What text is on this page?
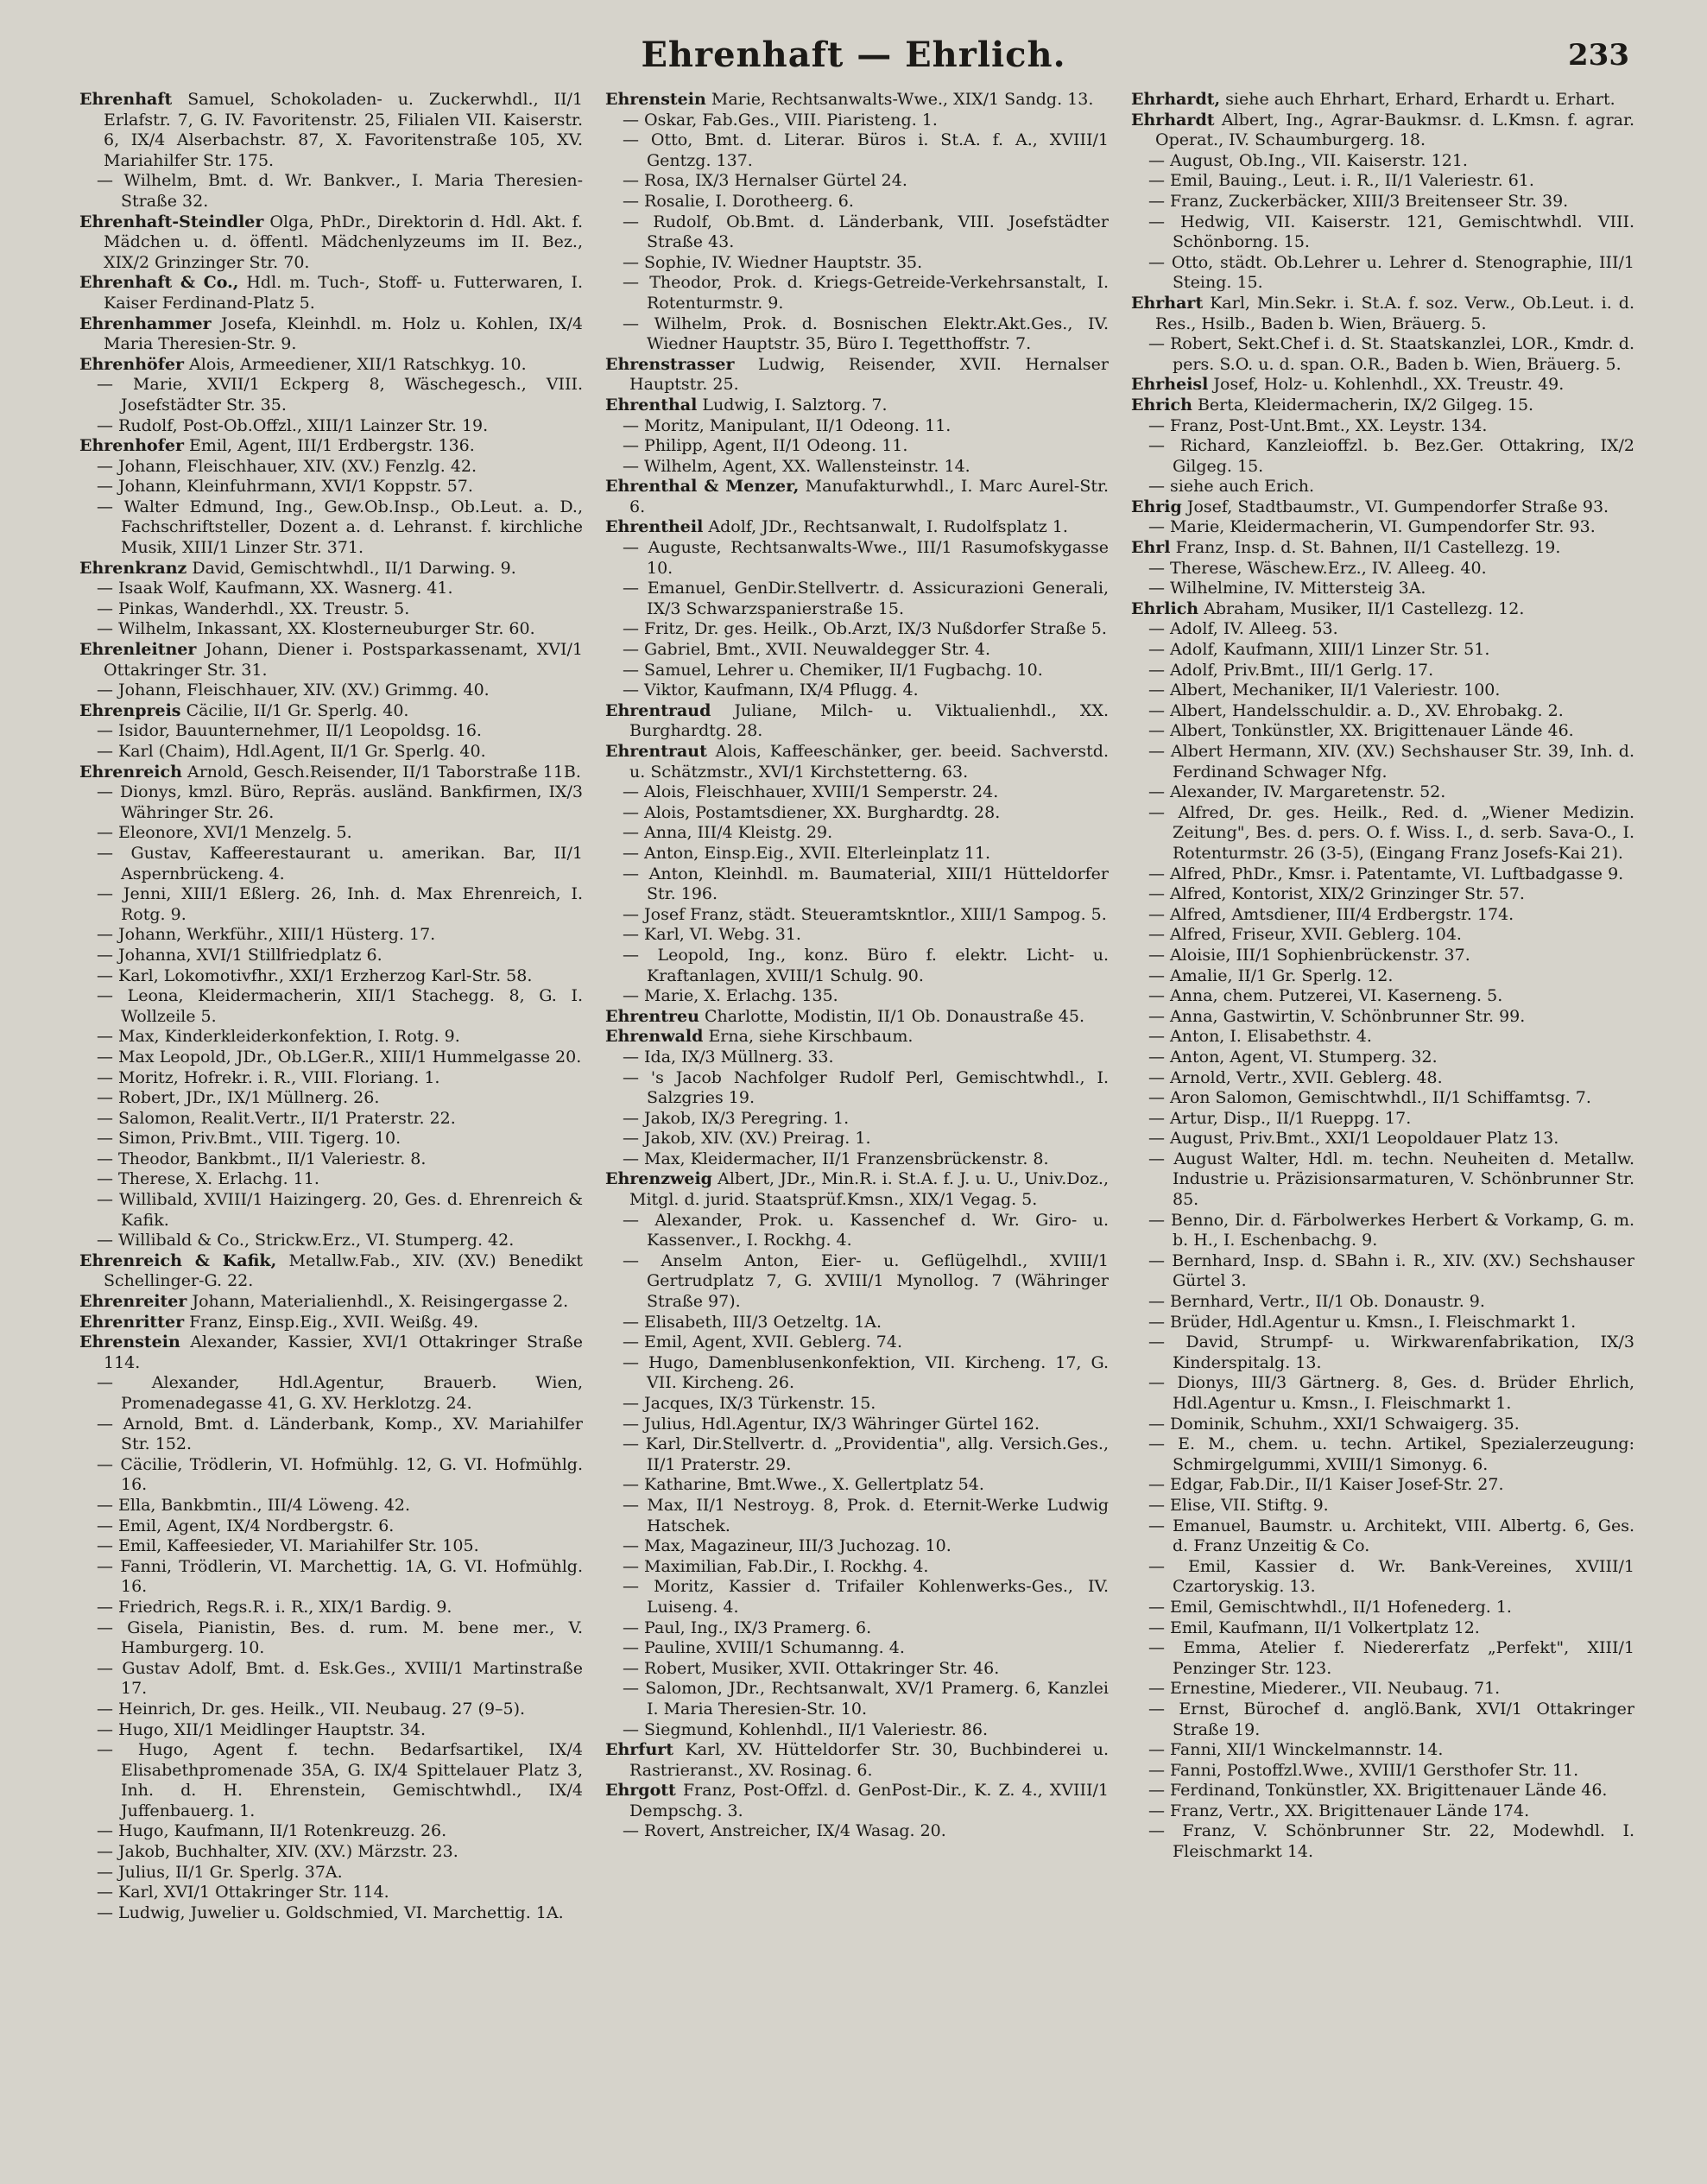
Ehrenhaft — Ehrlich.	233

Ehrenhaft Samuel, Schokoladen- u. Zuckerwhdl., II/1 Erlafstr. 7, G. IV. Favoritenstr. 25, Filialen VII. Kaiserstr. 6, IX/4 Alserbachstr. 87, X. Favoritenstraße 105, XV. Mariahilfer Str. 175.

— Wilhelm, Bmt. d. Wr. Bankver., I. Maria Theresien-Straße 32.

Ehrenhaft-Steindler Olga, PhDr., Direktorin d. Hdl. Akt. f. Mädchen u. d. öffentl. Mädchenlyzeums im II. Bez., XIX/2 Grinzinger Str. 70.

Ehrenhaft & Co., Hdl. m. Tuch-, Stoff- u. Futterwaren, I. Kaiser Ferdinand-Platz 5.

Ehrenhammer Josefa, Kleinhdl. m. Holz u. Kohlen, IX/4 Maria Theresien-Str. 9.

Ehrenhöfer Alois, Armeediener, XII/1 Ratschkyg. 10.

— Marie, XVII/1 Eckperg 8, Wäschegesch., VIII. Josefstädter Str. 35.

— Rudolf, Post-Ob.Offzl., XIII/1 Lainzer Str. 19.

Ehrenhofer Emil, Agent, III/1 Erdbergstr. 136.

— Johann, Fleischhauer, XIV. (XV.) Fenzlg. 42.

— Johann, Kleinfuhrmann, XVI/1 Koppstr. 57.

— Walter Edmund, Ing., Gew.Ob.Insp., Ob.Leut. a. D., Fachschriftsteller, Dozent a. d. Lehranst. f. kirchliche Musik, XIII/1 Linzer Str. 371.

Ehrenkranz David, Gemischtwhdl., II/1 Darwing. 9.

— Isaak Wolf, Kaufmann, XX. Wasnerg. 41.

— Pinkas, Wanderhdl., XX. Treustr. 5.

— Wilhelm, Inkassant, XX. Klosterneuburger Str. 60.

Ehrenleitner Johann, Diener i. Postsparkassenamt, XVI/1 Ottakringer Str. 31.

— Johann, Fleischhauer, XIV. (XV.) Grimmg. 40.

Ehrenpreis Cäcilie, II/1 Gr. Sperlg. 40.

— Isidor, Bauunternehmer, II/1 Leopoldsg. 16.

— Karl (Chaim), Hdl.Agent, II/1 Gr. Sperlg. 40.

Ehrenreich Arnold, Gesch.Reisender, II/1 Taborstraße 11B.

— Dionys, kmzl. Büro, Repräs. ausländ. Bankfirmen, IX/3 Währinger Str. 26.

— Eleonore, XVI/1 Menzelg. 5.

— Gustav, Kaffeerestaurant u. amerikan. Bar, II/1 Aspernbrückeng. 4.

— Jenni, XIII/1 Eßlerg. 26, Inh. d. Max Ehrenreich, I. Rotg. 9.

— Johann, Werkführ., XIII/1 Hüsterg. 17.

— Johanna, XVI/1 Stillfriedplatz 6.

— Karl, Lokomotivfhr., XXI/1 Erzherzog Karl-Str. 58.

— Leona, Kleidermacherin, XII/1 Stachegg. 8, G. I. Wollzeile 5.

— Max, Kinderkleiderkonfektion, I. Rotg. 9.

— Max Leopold, JDr., Ob.LGer.R., XIII/1 Hummelgasse 20.

— Moritz, Hofrekr. i. R., VIII. Floriang. 1.

— Robert, JDr., IX/1 Müllnerg. 26.

— Salomon, Realit.Vertr., II/1 Praterstr. 22.

— Simon, Priv.Bmt., VIII. Tigerg. 10.

— Theodor, Bankbmt., II/1 Valeriestr. 8.

— Therese, X. Erlachg. 11.

— Willibald, XVIII/1 Haizingerg. 20, Ges. d. Ehrenreich & Kafik.

— Willibald & Co., Strickw.Erz., VI. Stumperg. 42.

Ehrenreich & Kafik, Metallw.Fab., XIV. (XV.) Benedikt Schellinger-G. 22.

Ehrenreiter Johann, Materialienhdl., X. Reisingergasse 2.

Ehrenritter Franz, Einsp.Eig., XVII. Weißg. 49.

Ehrenstein Alexander, Kassier, XVI/1 Ottakringer Straße 114.

— Alexander, Hdl.Agentur, Brauerb. Wien, Promenadegasse 41, G. XV. Herklotzg. 24.

— Arnold, Bmt. d. Länderbank, Komp., XV. Mariahilfer Str. 152.

— Cäcilie, Trödlerin, VI. Hofmühlg. 12, G. VI. Hofmühlg. 16.

— Ella, Bankbmtin., III/4 Löweng. 42.

— Emil, Agent, IX/4 Nordbergstr. 6.

— Emil, Kaffeesieder, VI. Mariahilfer Str. 105.

— Fanni, Trödlerin, VI. Marchettig. 1A, G. VI. Hofmühlg. 16.

— Friedrich, Regs.R. i. R., XIX/1 Bardig. 9.

— Gisela, Pianistin, Bes. d. rum. M. bene mer., V. Hamburgerg. 10.

— Gustav Adolf, Bmt. d. Esk.Ges., XVIII/1 Martinstraße 17.

— Heinrich, Dr. ges. Heilk., VII. Neubaug. 27 (9–5).

— Hugo, XII/1 Meidlinger Hauptstr. 34.

— Hugo, Agent f. techn. Bedarfsartikel, IX/4 Elisabethpromenade 35A, G. IX/4 Spittelauer Platz 3, Inh. d. H. Ehrenstein, Gemischtwhdl., IX/4 Juffenbauerg. 1.

— Hugo, Kaufmann, II/1 Rotenkreuzg. 26.

— Jakob, Buchhalter, XIV. (XV.) Märzstr. 23.

— Julius, II/1 Gr. Sperlg. 37A.

— Karl, XVI/1 Ottakringer Str. 114.

— Ludwig, Juwelier u. Goldschmied, VI. Marchettig. 1A.

Ehrenstein Marie, Rechtsanwalts-Wwe., XIX/1 Sandg. 13.

— Oskar, Fab.Ges., VIII. Piaristeng. 1.

— Otto, Bmt. d. Literar. Büros i. St.A. f. A., XVIII/1 Gentzg. 137.

— Rosa, IX/3 Hernalser Gürtel 24.

— Rosalie, I. Dorotheerg. 6.

— Rudolf, Ob.Bmt. d. Länderbank, VIII. Josefstädter Straße 43.

— Sophie, IV. Wiedner Hauptstr. 35.

— Theodor, Prok. d. Kriegs-Getreide-Verkehrsanstalt, I. Rotenturmstr. 9.

— Wilhelm, Prok. d. Bosnischen Elektr.Akt.Ges., IV. Wiedner Hauptstr. 35, Büro I. Tegetthoffstr. 7.

Ehrenstrasser Ludwig, Reisender, XVII. Hernalser Hauptstr. 25.

Ehrenthal Ludwig, I. Salztorg. 7.

— Moritz, Manipulant, II/1 Odeong. 11.

— Philipp, Agent, II/1 Odeong. 11.

— Wilhelm, Agent, XX. Wallensteinstr. 14.

Ehrenthal & Menzer, Manufakturwhdl., I. Marc Aurel-Str. 6.

Ehrentheil Adolf, JDr., Rechtsanwalt, I. Rudolfsplatz 1.

— Auguste, Rechtsanwalts-Wwe., III/1 Rasumofskygasse 10.

— Emanuel, GenDir.Stellvertr. d. Assicurazioni Generali, IX/3 Schwarzspanierstraße 15.

— Fritz, Dr. ges. Heilk., Ob.Arzt, IX/3 Nußdorfer Straße 5.

— Gabriel, Bmt., XVII. Neuwaldegger Str. 4.

— Samuel, Lehrer u. Chemiker, II/1 Fugbachg. 10.

— Viktor, Kaufmann, IX/4 Pflugg. 4.

Ehrentraud Juliane, Milch- u. Viktualienhdl., XX. Burghardtg. 28.

Ehrentraut Alois, Kaffeeschänker, ger. beeid. Sachverstd. u. Schätzmstr., XVI/1 Kirchstetterng. 63.

— Alois, Fleischhauer, XVIII/1 Semperstr. 24.

— Alois, Postamtsdiener, XX. Burghardtg. 28.

— Anna, III/4 Kleistg. 29.

— Anton, Einsp.Eig., XVII. Elterleinplatz 11.

— Anton, Kleinhdl. m. Baumaterial, XIII/1 Hütteldorfer Str. 196.

— Josef Franz, städt. Steueramtskntlor., XIII/1 Sampog. 5.

— Karl, VI. Webg. 31.

— Leopold, Ing., konz. Büro f. elektr. Licht- u. Kraftanlagen, XVIII/1 Schulg. 90.

— Marie, X. Erlachg. 135.

Ehrentreu Charlotte, Modistin, II/1 Ob. Donaustraße 45.

Ehrenwald Erna, siehe Kirschbaum.

— Ida, IX/3 Müllnerg. 33.

— 's Jacob Nachfolger Rudolf Perl, Gemischtwhdl., I. Salzgries 19.

— Jakob, IX/3 Peregring. 1.

— Jakob, XIV. (XV.) Preirag. 1.

— Max, Kleidermacher, II/1 Franzensbrückenstr. 8.

Ehrenzweig Albert, JDr., Min.R. i. St.A. f. J. u. U., Univ.Doz., Mitgl. d. jurid. Staatsprüf.Kmsn., XIX/1 Vegag. 5.

— Alexander, Prok. u. Kassenchef d. Wr. Giro- u. Kassenver., I. Rockhg. 4.

— Anselm Anton, Eier- u. Geflügelhdl., XVIII/1 Gertrudplatz 7, G. XVIII/1 Mynollog. 7 (Währinger Straße 97).

— Elisabeth, III/3 Oetzeltg. 1A.

— Emil, Agent, XVII. Geblerg. 74.

— Hugo, Damenblusenkonfektion, VII. Kircheng. 17, G. VII. Kircheng. 26.

— Jacques, IX/3 Türkenstr. 15.

— Julius, Hdl.Agentur, IX/3 Währinger Gürtel 162.

— Karl, Dir.Stellvertr. d. „Providentia", allg. Versich.Ges., II/1 Praterstr. 29.

— Katharine, Bmt.Wwe., X. Gellertplatz 54.

— Max, II/1 Nestroyg. 8, Prok. d. Eternit-Werke Ludwig Hatschek.

— Max, Magazineur, III/3 Juchozag. 10.

— Maximilian, Fab.Dir., I. Rockhg. 4.

— Moritz, Kassier d. Trifailer Kohlenwerks-Ges., IV. Luiseng. 4.

— Paul, Ing., IX/3 Pramerg. 6.

— Pauline, XVIII/1 Schumanng. 4.

— Robert, Musiker, XVII. Ottakringer Str. 46.

— Salomon, JDr., Rechtsanwalt, XV/1 Pramerg. 6, Kanzlei I. Maria Theresien-Str. 10.

— Siegmund, Kohlenhdl., II/1 Valeriestr. 86.

Ehrfurt Karl, XV. Hütteldorfer Str. 30, Buchbinderei u. Rastrieranst., XV. Rosinag. 6.

Ehrgott Franz, Post-Offzl. d. GenPost-Dir., K. Z. 4., XVIII/1 Dempschg. 3.

— Rovert, Anstreicher, IX/4 Wasag. 20.

Ehrhardt, siehe auch Ehrhart, Erhard, Erhardt u. Erhart.

Ehrhardt Albert, Ing., Agrar-Baukmsr. d. L.Kmsn. f. agrar. Operat., IV. Schaumburgerg. 18.

— August, Ob.Ing., VII. Kaiserstr. 121.

— Emil, Bauing., Leut. i. R., II/1 Valeriestr. 61.

— Franz, Zuckerbäcker, XIII/3 Breitenseer Str. 39.

— Hedwig, VII. Kaiserstr. 121, Gemischtwhdl. VIII. Schönborng. 15.

— Otto, städt. Ob.Lehrer u. Lehrer d. Stenographie, III/1 Steing. 15.

Ehrhart Karl, Min.Sekr. i. St.A. f. soz. Verw., Ob.Leut. i. d. Res., Hsilb., Baden b. Wien, Bräuerg. 5.

— Robert, Sekt.Chef i. d. St. Staatskanzlei, LOR., Kmdr. d. pers. S.O. u. d. span. O.R., Baden b. Wien, Bräuerg. 5.

Ehrheisl Josef, Holz- u. Kohlenhdl., XX. Treustr. 49.

Ehrich Berta, Kleidermacherin, IX/2 Gilgeg. 15.

— Franz, Post-Unt.Bmt., XX. Leystr. 134.

— Richard, Kanzleioffzl. b. Bez.Ger. Ottakring, IX/2 Gilgeg. 15.

— siehe auch Erich.

Ehrig Josef, Stadtbaumstr., VI. Gumpendorfer Straße 93.

— Marie, Kleidermacherin, VI. Gumpendorfer Str. 93.

Ehrl Franz, Insp. d. St. Bahnen, II/1 Castellezg. 19.

— Therese, Wäschew.Erz., IV. Alleeg. 40.

— Wilhelmine, IV. Mittersteig 3A.

Ehrlich Abraham, Musiker, II/1 Castellezg. 12.

— Adolf, IV. Alleeg. 53.

— Adolf, Kaufmann, XIII/1 Linzer Str. 51.

— Adolf, Priv.Bmt., III/1 Gerlg. 17.

— Albert, Mechaniker, II/1 Valeriestr. 100.

— Albert, Handelsschuldir. a. D., XV. Ehrobakg. 2.

— Albert, Tonkünstler, XX. Brigittenauer Lände 46.

— Albert Hermann, XIV. (XV.) Sechshauser Str. 39, Inh. d. Ferdinand Schwager Nfg.

— Alexander, IV. Margaretenstr. 52.

— Alfred, Dr. ges. Heilk., Red. d. „Wiener Medizin. Zeitung", Bes. d. pers. O. f. Wiss. I., d. serb. Sava-O., I. Rotenturmstr. 26 (3-5), (Eingang Franz Josefs-Kai 21).

— Alfred, PhDr., Kmsr. i. Patentamte, VI. Luftbadgasse 9.

— Alfred, Kontorist, XIX/2 Grinzinger Str. 57.

— Alfred, Amtsdiener, III/4 Erdbergstr. 174.

— Alfred, Friseur, XVII. Geblerg. 104.

— Aloisie, III/1 Sophienbrückenstr. 37.

— Amalie, II/1 Gr. Sperlg. 12.

— Anna, chem. Putzerei, VI. Kaserneng. 5.

— Anna, Gastwirtin, V. Schönbrunner Str. 99.

— Anton, I. Elisabethstr. 4.

— Anton, Agent, VI. Stumperg. 32.

— Arnold, Vertr., XVII. Geblerg. 48.

— Aron Salomon, Gemischtwhdl., II/1 Schiffamtsg. 7.

— Artur, Disp., II/1 Rueppg. 17.

— August, Priv.Bmt., XXI/1 Leopoldauer Platz 13.

— August Walter, Hdl. m. techn. Neuheiten d. Metallw. Industrie u. Präzisionsarmaturen, V. Schönbrunner Str. 85.

— Benno, Dir. d. Färbolwerkes Herbert & Vorkamp, G. m. b. H., I. Eschenbachg. 9.

— Bernhard, Insp. d. SBahn i. R., XIV. (XV.) Sechshauser Gürtel 3.

— Bernhard, Vertr., II/1 Ob. Donaustr. 9.

— Brüder, Hdl.Agentur u. Kmsn., I. Fleischmarkt 1.

— David, Strumpf- u. Wirkwarenfabrikation, IX/3 Kinderspitalg. 13.

— Dionys, III/3 Gärtnerg. 8, Ges. d. Brüder Ehrlich, Hdl.Agentur u. Kmsn., I. Fleischmarkt 1.

— Dominik, Schuhm., XXI/1 Schwaigerg. 35.

— E. M., chem. u. techn. Artikel, Spezialerzeugung: Schmirgelgummi, XVIII/1 Simonyg. 6.

— Edgar, Fab.Dir., II/1 Kaiser Josef-Str. 27.

— Elise, VII. Stiftg. 9.

— Emanuel, Baumstr. u. Architekt, VIII. Albertg. 6, Ges. d. Franz Unzeitig & Co.

— Emil, Kassier d. Wr. Bank-Vereines, XVIII/1 Czartoryskig. 13.

— Emil, Gemischtwhdl., II/1 Hofenederg. 1.

— Emil, Kaufmann, II/1 Volkertplatz 12.

— Emma, Atelier f. Niedererfatz „Perfekt", XIII/1 Penzinger Str. 123.

— Ernestine, Miederer., VII. Neubaug. 71.

— Ernst, Bürochef d. anglö.Bank, XVI/1 Ottakringer Straße 19.

— Fanni, XII/1 Winckelmannstr. 14.

— Fanni, Postoffzl.Wwe., XVIII/1 Gersthofer Str. 11.

— Ferdinand, Tonkünstler, XX. Brigittenauer Lände 46.

— Franz, Vertr., XX. Brigittenauer Lände 174.

— Franz, V. Schönbrunner Str. 22, Modewhdl. I. Fleischmarkt 14.
